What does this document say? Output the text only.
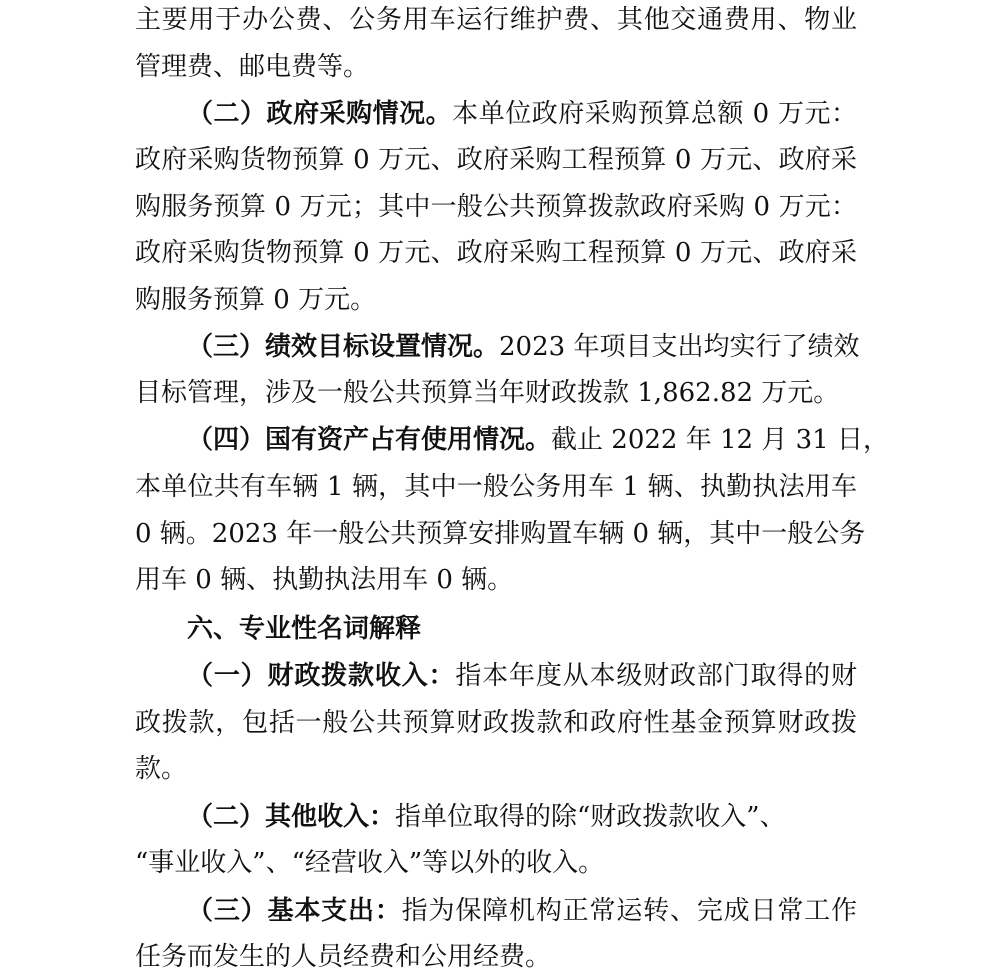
主要用于办公费、公务用车运行维护费、其他交通费用、物业
管理费、邮电费等。
（二）政府采购情况。本单位政府采购预算总额 0 万元：
政府采购货物预算 0 万元、政府采购工程预算 0 万元、政府采
购服务预算 0 万元；其中一般公共预算拨款政府采购 0 万元：
政府采购货物预算 0 万元、政府采购工程预算 0 万元、政府采
购服务预算 0 万元。
（三）绩效目标设置情况。2023 年项目支出均实行了绩效
目标管理，涉及一般公共预算当年财政拨款 1,862.82 万元。
（四）国有资产占有使用情况。截止 2022 年 12 月 31 日，
本单位共有车辆 1 辆，其中一般公务用车 1 辆、执勤执法用车
0 辆。2023 年一般公共预算安排购置车辆 0 辆，其中一般公务
用车 0 辆、执勤执法用车 0 辆。
六、专业性名词解释
（一）财政拨款收入：指本年度从本级财政部门取得的财
政拨款，包括一般公共预算财政拨款和政府性基金预算财政拨
款。
（二）其他收入：指单位取得的除“财政拨款收入”、
“事业收入”、“经营收入”等以外的收入。
（三）基本支出：指为保障机构正常运转、完成日常工作
任务而发生的人员经费和公用经费。
